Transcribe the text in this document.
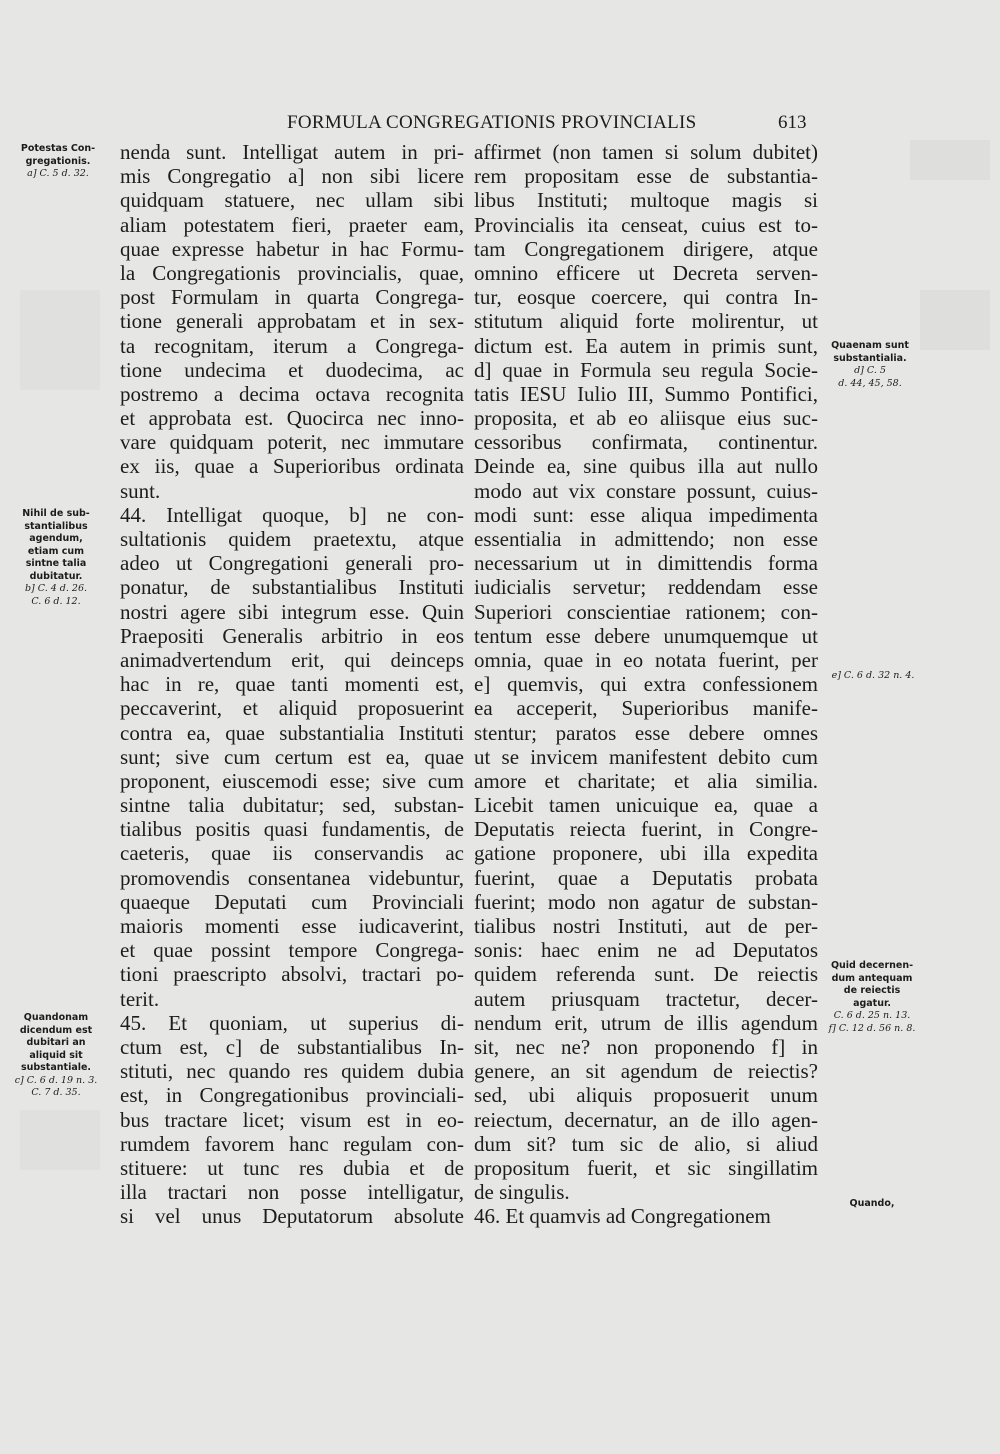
FORMULA CONGREGATIONIS PROVINCIALIS	613
Potestas Con-
gregationis.
a] C. 5 d. 32.
Nihil de sub-
stantialibus
agendum,
etiam cum
sintne talia
dubitatur.
b] C. 4 d. 26.
C. 6 d. 12.
Quandonam
dicendum est
dubitari an
aliquid sit
substantiale.
c] C. 6 d. 19 n. 3.
C. 7 d. 35.
Quaenam sunt
substantialia.
d] C. 5
d. 44, 45, 58.
e] C. 6 d. 32 n. 4.
Quid decernen-
dum antequam
de reiectis
agatur.
C. 6 d. 25 n. 13.
f] C. 12 d. 56 n. 8.
Quando,
nenda sunt. Intelligat autem in pri-
mis Congregatio a] non sibi licere
quidquam statuere, nec ullam sibi
aliam potestatem fieri, praeter eam,
quae expresse habetur in hac Formu-
la Congregationis provincialis, quae,
post Formulam in quarta Congrega-
tione generali approbatam et in sex-
ta recognitam, iterum a Congrega-
tione undecima et duodecima, ac
postremo a decima octava recognita
et approbata est. Quocirca nec inno-
vare quidquam poterit, nec immutare
ex iis, quae a Superioribus ordinata
sunt.
44. Intelligat quoque, b] ne con-
sultationis quidem praetextu, atque
adeo ut Congregationi generali pro-
ponatur, de substantialibus Instituti
nostri agere sibi integrum esse. Quin
Praepositi Generalis arbitrio in eos
animadvertendum erit, qui deinceps
hac in re, quae tanti momenti est,
peccaverint, et aliquid proposuerint
contra ea, quae substantialia Instituti
sunt; sive cum certum est ea, quae
proponent, eiuscemodi esse; sive cum
sintne talia dubitatur; sed, substan-
tialibus positis quasi fundamentis, de
caeteris, quae iis conservandis ac
promovendis consentanea videbuntur,
quaeque Deputati cum Provinciali
maioris momenti esse iudicaverint,
et quae possint tempore Congrega-
tioni praescripto absolvi, tractari po-
terit.
45. Et quoniam, ut superius di-
ctum est, c] de substantialibus In-
stituti, nec quando res quidem dubia
est, in Congregationibus provinciali-
bus tractare licet; visum est in eo-
rumdem favorem hanc regulam con-
stituere: ut tunc res dubia et de
illa tractari non posse intelligatur,
si vel unus Deputatorum absolute
affirmet (non tamen si solum dubitet)
rem propositam esse de substantia-
libus Instituti; multoque magis si
Provincialis ita censeat, cuius est to-
tam Congregationem dirigere, atque
omnino efficere ut Decreta serven-
tur, eosque coercere, qui contra In-
stitutum aliquid forte molirentur, ut
dictum est. Ea autem in primis sunt,
d] quae in Formula seu regula Socie-
tatis IESU Iulio III, Summo Pontifici,
proposita, et ab eo aliisque eius suc-
cessoribus confirmata, continentur.
Deinde ea, sine quibus illa aut nullo
modo aut vix constare possunt, cuius-
modi sunt: esse aliqua impedimenta
essentialia in admittendo; non esse
necessarium ut in dimittendis forma
iudicialis servetur; reddendam esse
Superiori conscientiae rationem; con-
tentum esse debere unumquemque ut
omnia, quae in eo notata fuerint, per
e] quemvis, qui extra confessionem
ea acceperit, Superioribus manife-
stentur; paratos esse debere omnes
ut se invicem manifestent debito cum
amore et charitate; et alia similia.
Licebit tamen unicuique ea, quae a
Deputatis reiecta fuerint, in Congre-
gatione proponere, ubi illa expedita
fuerint, quae a Deputatis probata
fuerint; modo non agatur de substan-
tialibus nostri Instituti, aut de per-
sonis: haec enim ne ad Deputatos
quidem referenda sunt. De reiectis
autem priusquam tractetur, decer-
nendum erit, utrum de illis agendum
sit, nec ne? non proponendo f] in
genere, an sit agendum de reiectis?
sed, ubi aliquis proposuerit unum
reiectum, decernatur, an de illo agen-
dum sit? tum sic de alio, si aliud
propositum fuerit, et sic singillatim
de singulis.
46. Et quamvis ad Congregationem
